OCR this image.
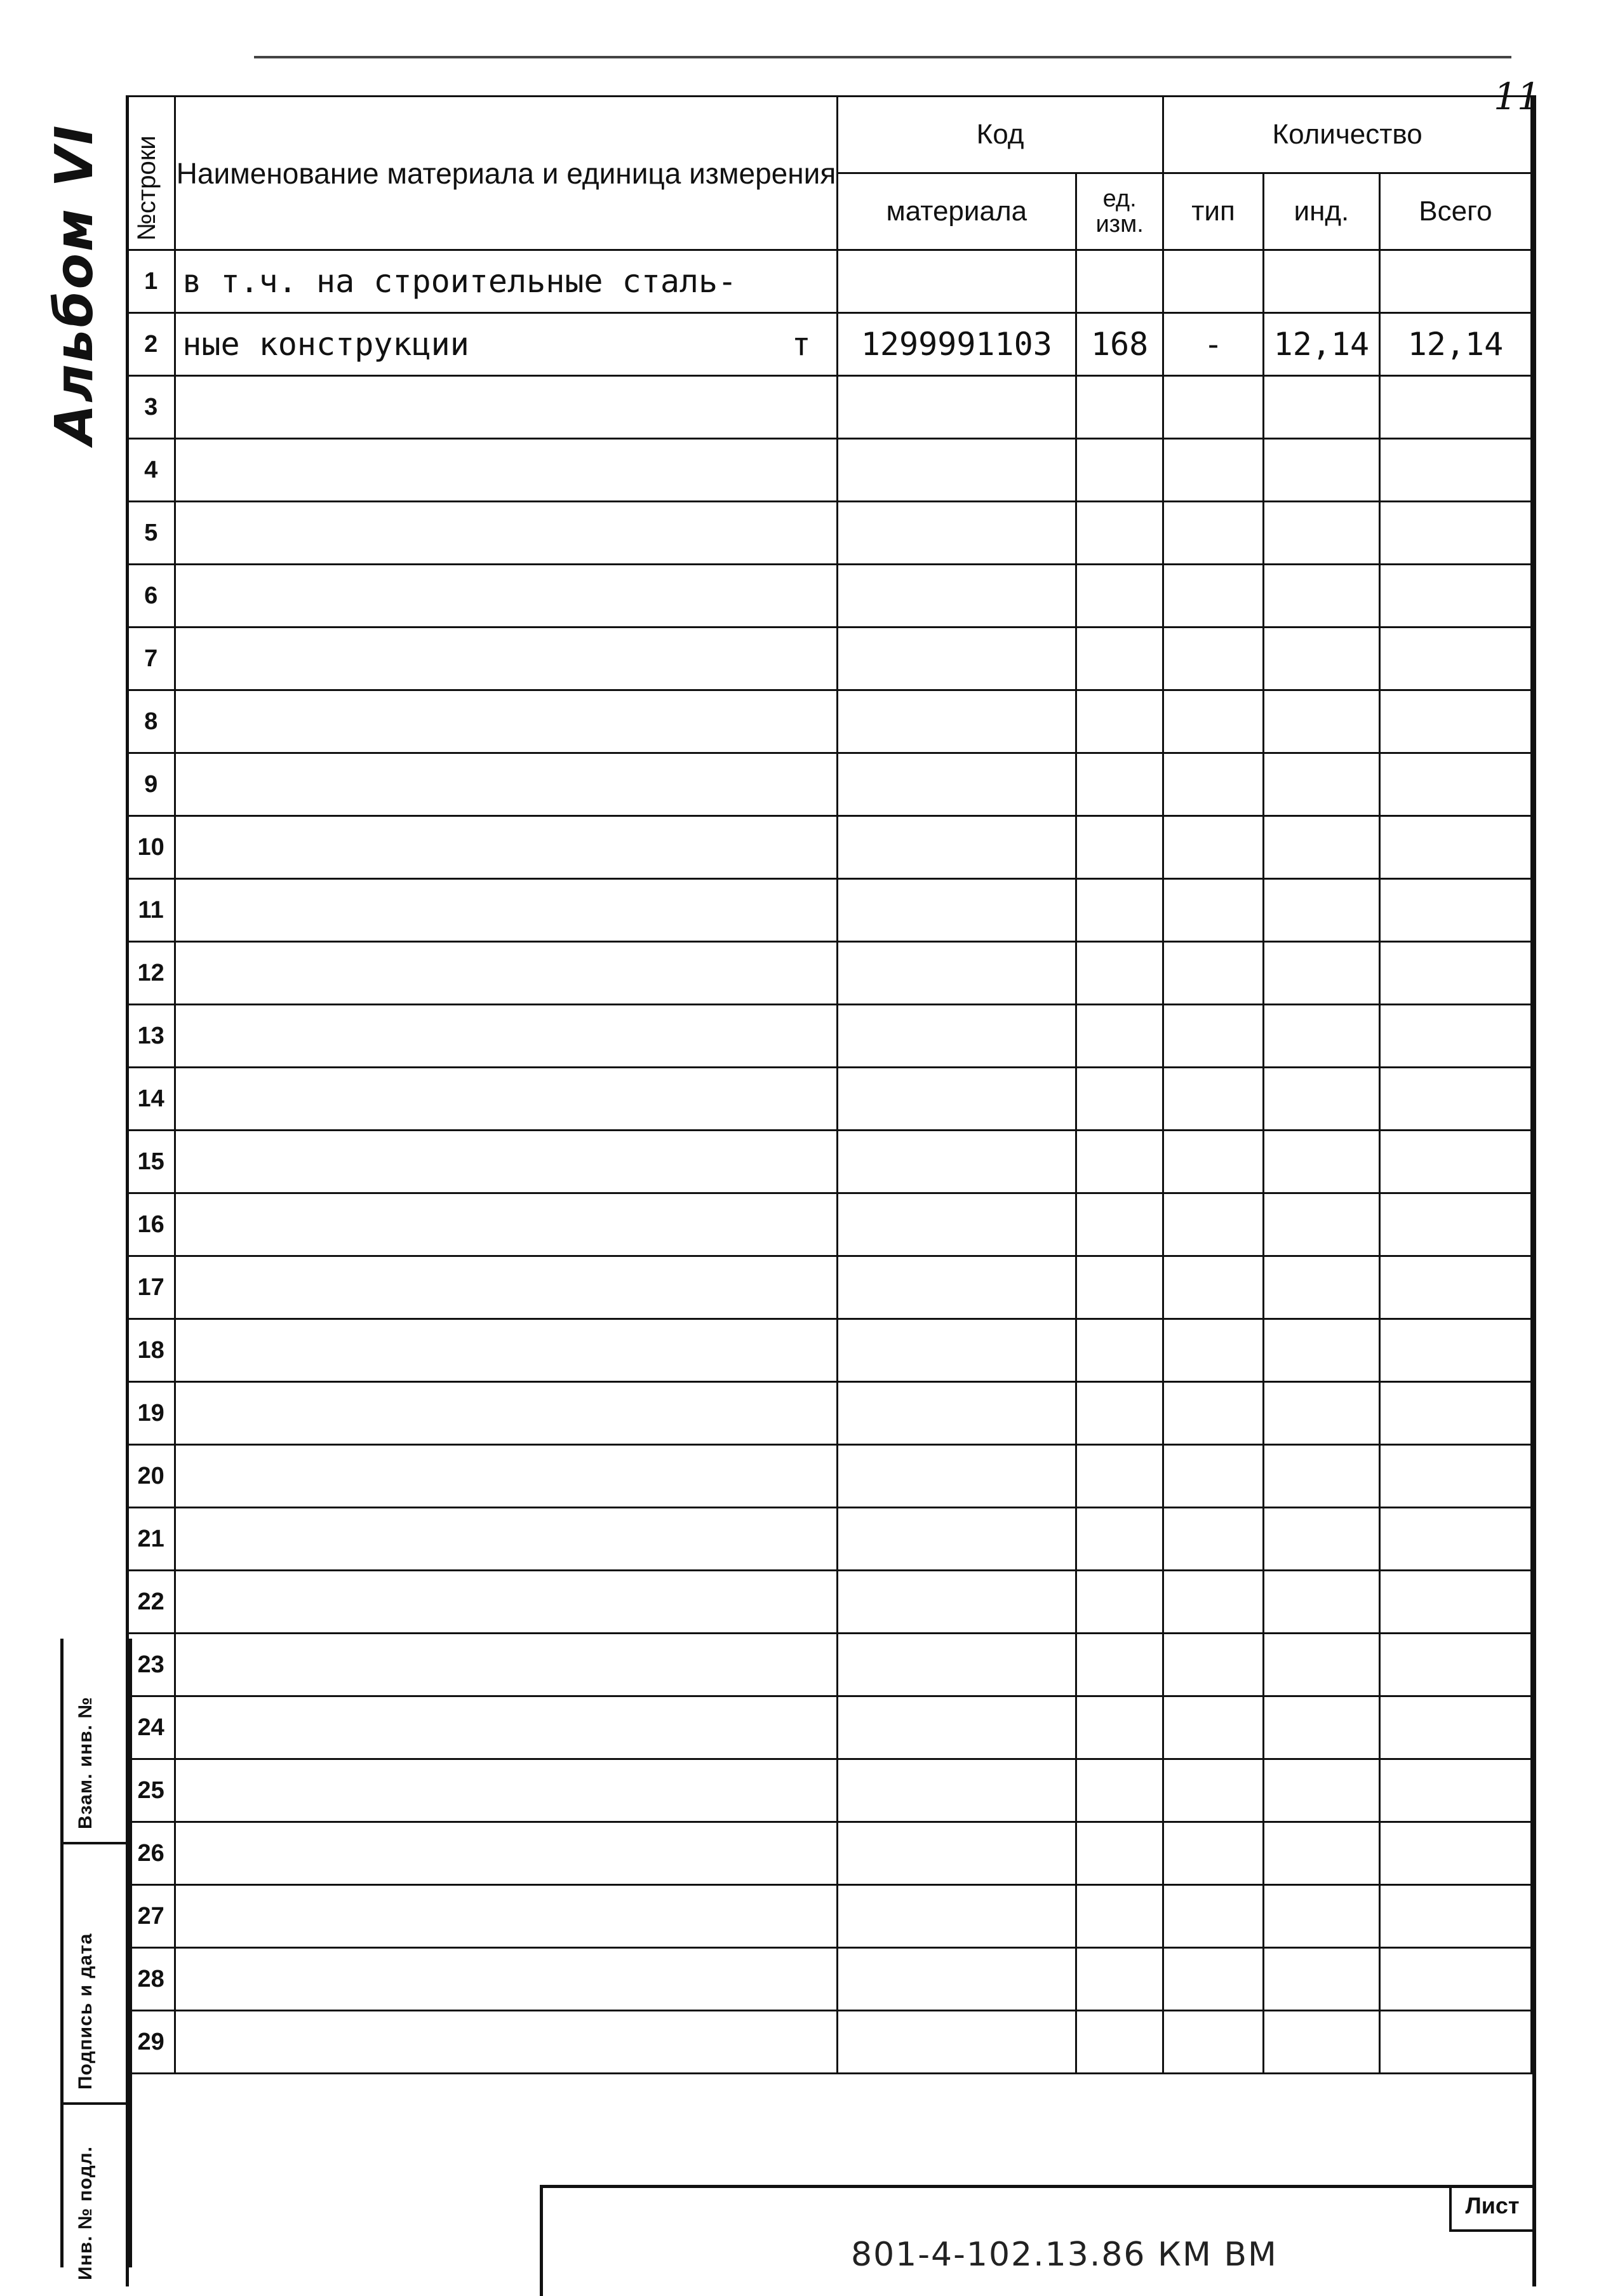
11
Альбом VI
Взам. инв. №
Подпись и дата
Инв. № подл.
№строки	Наименование материала и единица измерения	Код		Количество		
		материала	ед. изм.	тип	инд.	Всего
1	в т.ч. на строительные сталь-					
2	ные конструкции т	1299991103	168	-	12,14	12,14
3						
4						
5						
6						
7						
8						
9						
10						
11						
12						
13						
14						
15						
16						
17						
18						
19						
20						
21						
22						
23						
24						
25						
26						
27						
28						
29						
801-4-102.13.86 КМ ВМ
Лист
